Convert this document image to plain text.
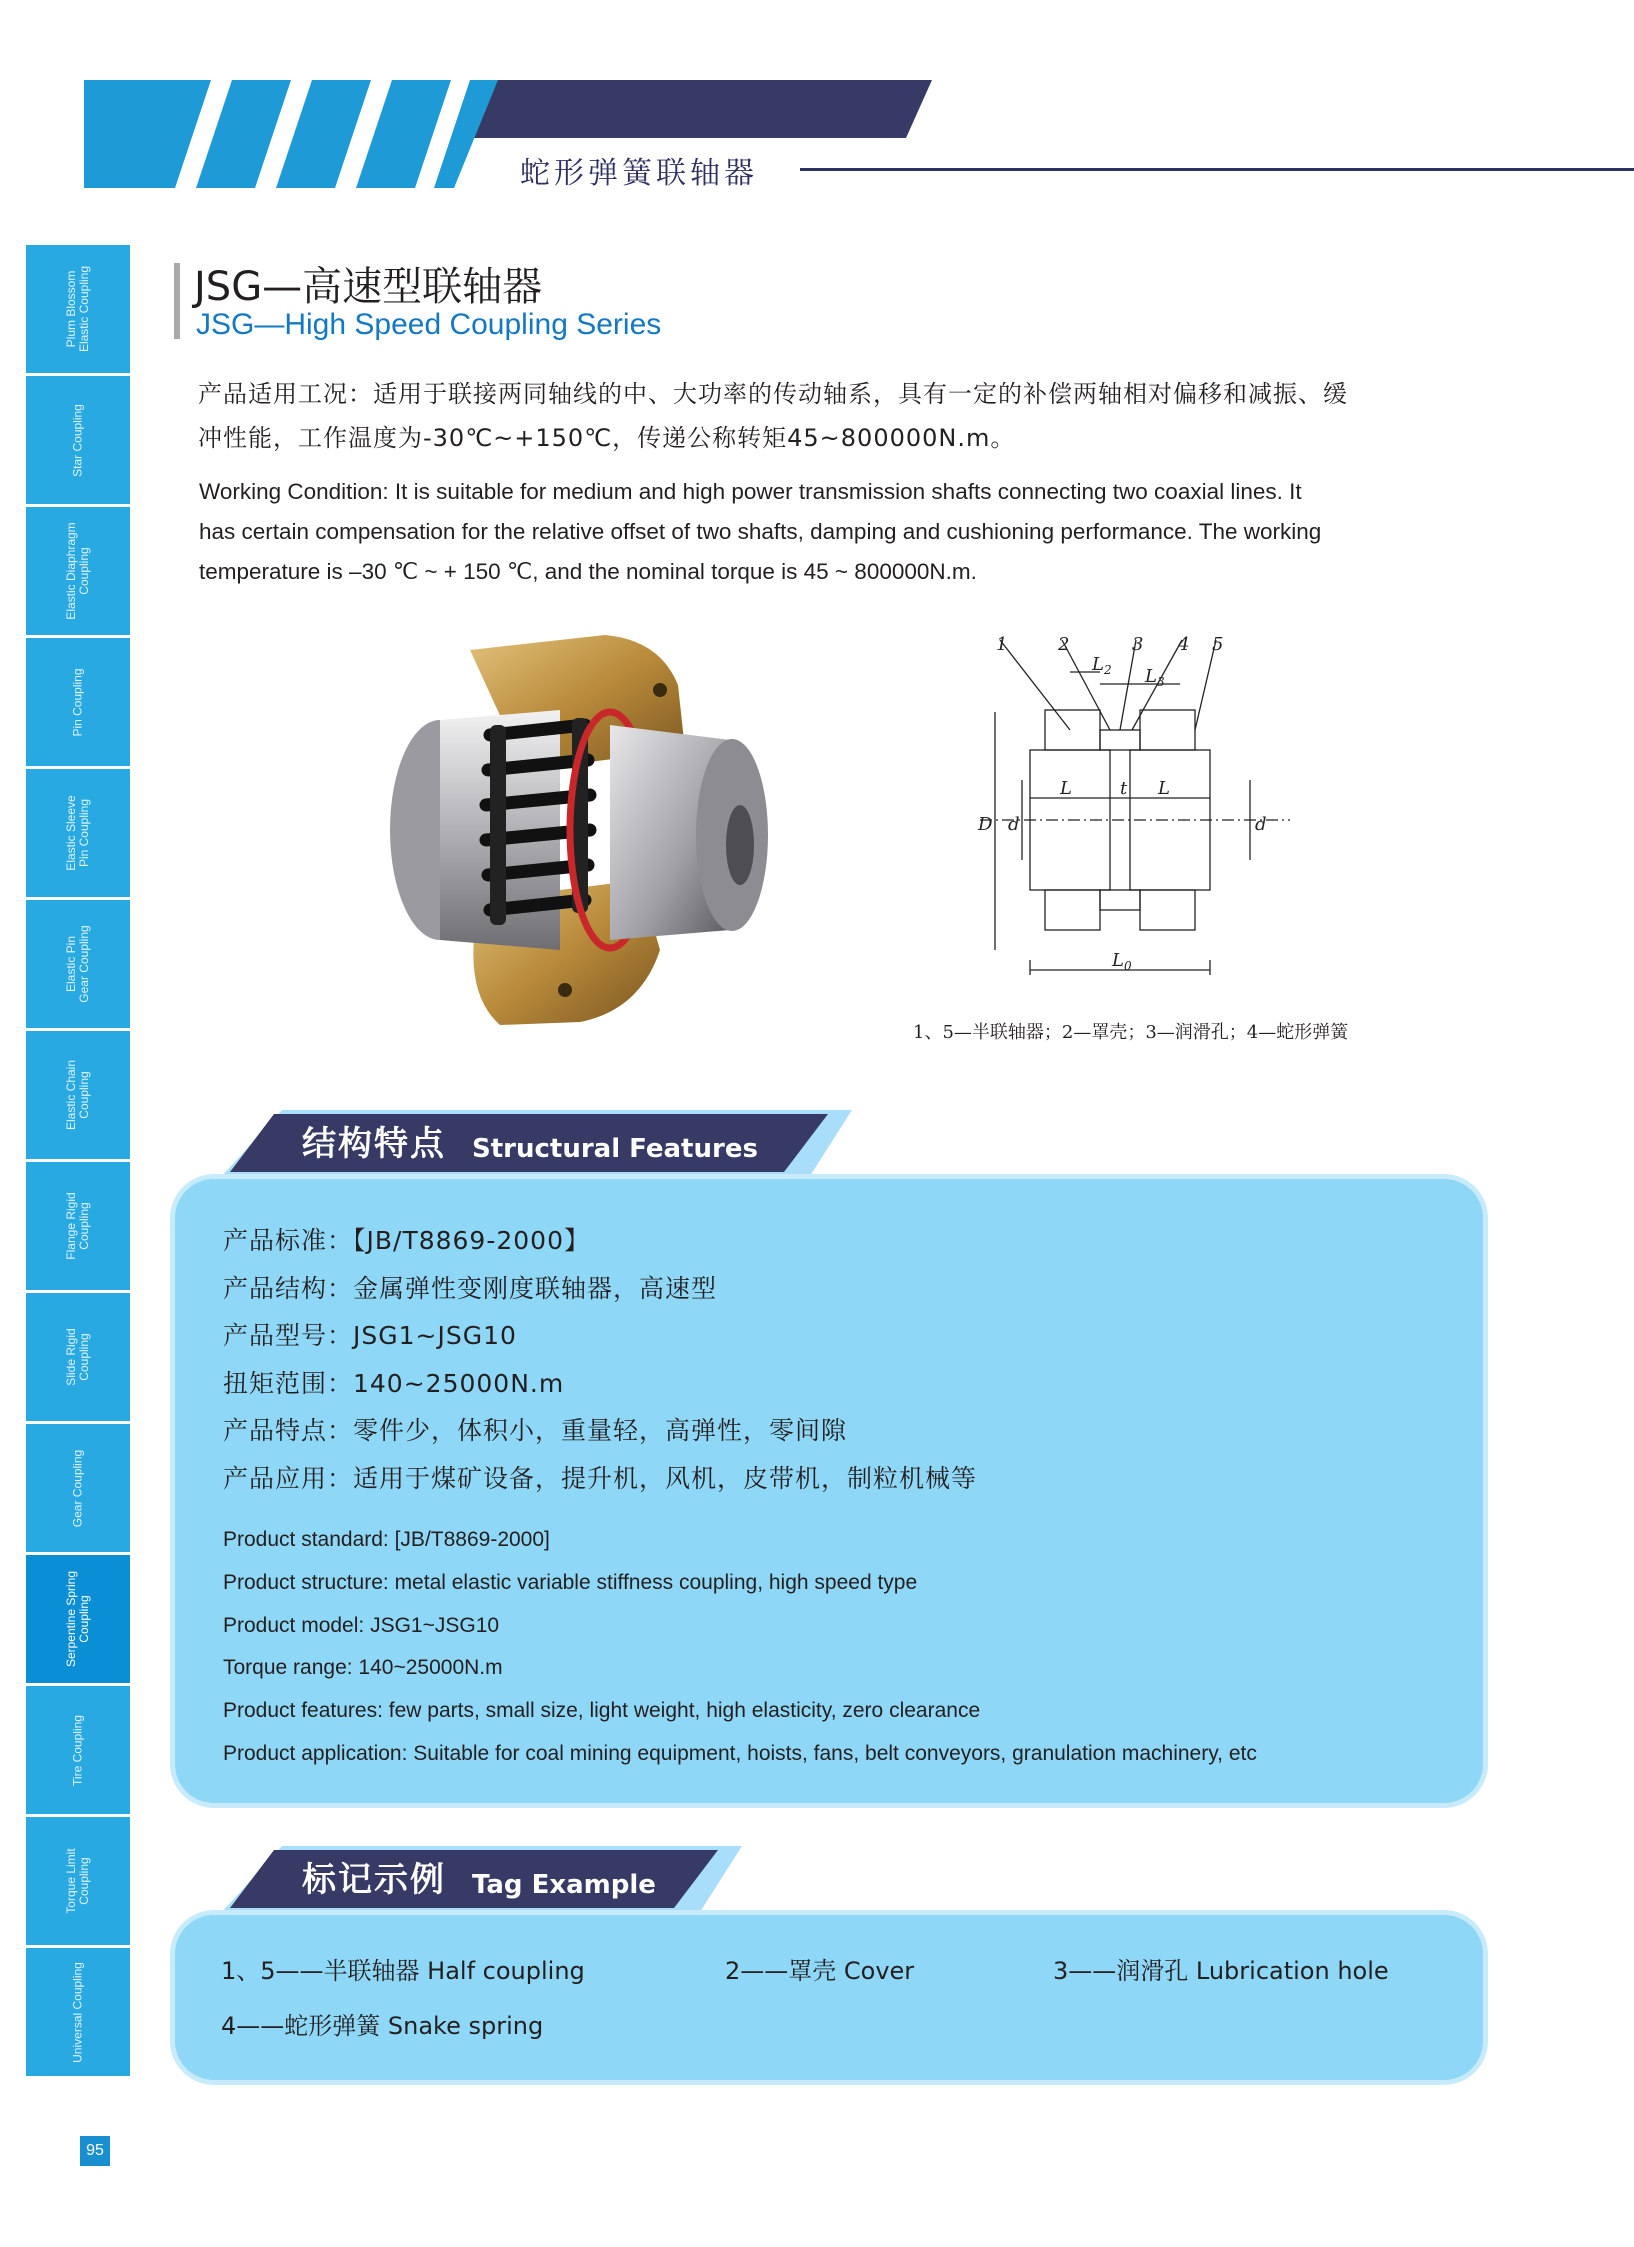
蛇形弹簧联轴器
Plum Blossom
Elastic Coupling
Star Coupling
Elastic Diaphragm
Coupling
Pin Coupling
Elastic Sleeve
Pin Coupling
Elastic Pin
Gear Coupling
Elastic Chain
Coupling
Flange Rigid
Coupling
Slide Rigid
Coupling
Gear Coupling
Serpentine Spring
Coupling
Tire Coupling
Torque Limit
Coupling
Universal Coupling
JSG—高速型联轴器
JSG—High Speed Coupling Series
产品适用工况：适用于联接两同轴线的中、大功率的传动轴系，具有一定的补偿两轴相对偏移和减振、缓
冲性能，工作温度为-30℃~+150℃，传递公称转矩45~800000N.m。
Working Condition: It is suitable for medium and high power transmission shafts connecting two coaxial lines. It
has certain compensation for the relative offset of two shafts, damping and cushioning performance. The working
temperature is –30 ℃ ~ + 150 ℃, and the nominal torque is 45 ~ 800000N.m.
1	2	3 4 5
$L_2$ $L_3$
L	L
t
D d	d
$L_0$
1、5—半联轴器；2—罩壳；3—润滑孔；4—蛇形弹簧
结构特点 Structural Features
产品标准：【JB/T8869-2000】
产品结构：金属弹性变刚度联轴器，高速型
产品型号：JSG1~JSG10
扭矩范围：140~25000N.m
产品特点：零件少，体积小，重量轻，高弹性，零间隙
产品应用：适用于煤矿设备，提升机，风机，皮带机，制粒机械等
Product standard: [JB/T8869-2000]
Product structure: metal elastic variable stiffness coupling, high speed type
Product model: JSG1~JSG10
Torque range: 140~25000N.m
Product features: few parts, small size, light weight, high elasticity, zero clearance
Product application: Suitable for coal mining equipment, hoists, fans, belt conveyors, granulation machinery, etc
标记示例 Tag Example
1、5——半联轴器 Half coupling	2——罩壳 Cover	3——润滑孔 Lubrication hole
4——蛇形弹簧 Snake spring
95
